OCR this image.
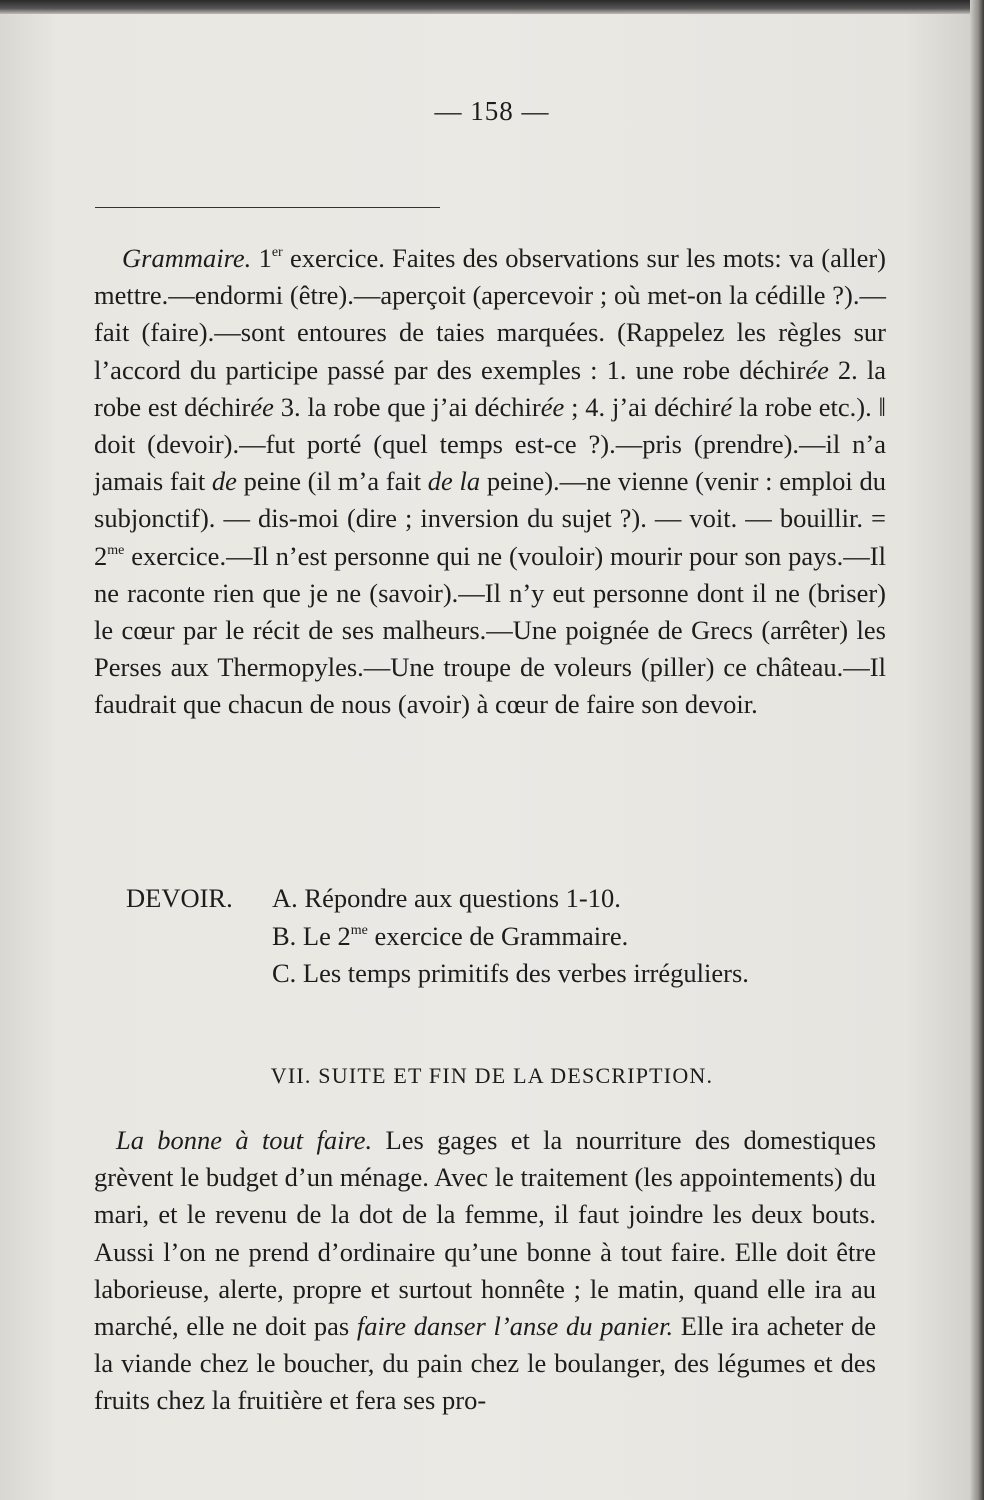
— 158 —

Grammaire. 1er exercice. Faites des observations sur les mots: va (aller) mettre.—endormi (être).—aperçoit (apercevoir ; où met-on la cédille ?).—fait (faire).—sont entoures de taies marquées. (Rappelez les règles sur l’accord du participe passé par des exemples : 1. une robe déchirée 2. la robe est déchirée 3. la robe que j’ai déchirée ; 4. j’ai déchiré la robe etc.). ‖ doit (devoir).—fut porté (quel temps est-ce ?).—pris (prendre).—il n’a jamais fait de peine (il m’a fait de la peine).—ne vienne (venir : emploi du subjonctif). — dis-moi (dire ; inversion du sujet ?). — voit. — bouillir. = $2^{me}$ exercice.—Il n’est personne qui ne (vouloir) mourir pour son pays.—Il ne raconte rien que je ne (savoir).—Il n’y eut personne dont il ne (briser) le cœur par le récit de ses malheurs.—Une poignée de Grecs (arrêter) les Perses aux Thermopyles.—Une troupe de voleurs (piller) ce château.—Il faudrait que chacun de nous (avoir) à cœur de faire son devoir.

DEVOIR. A. Répondre aux questions 1-10.
B. Le $2^{me}$ exercice de Grammaire.
C. Les temps primitifs des verbes irréguliers.
VII. SUITE ET FIN DE LA DESCRIPTION.

La bonne à tout faire. Les gages et la nourriture des domestiques grèvent le budget d’un ménage. Avec le traitement (les appointements) du mari, et le revenu de la dot de la femme, il faut joindre les deux bouts. Aussi l’on ne prend d’ordinaire qu’une bonne à tout faire. Elle doit être laborieuse, alerte, propre et surtout honnête ; le matin, quand elle ira au marché, elle ne doit pas faire danser l’anse du panier. Elle ira acheter de la viande chez le boucher, du pain chez le boulanger, des légumes et des fruits chez la fruitière et fera ses pro-
